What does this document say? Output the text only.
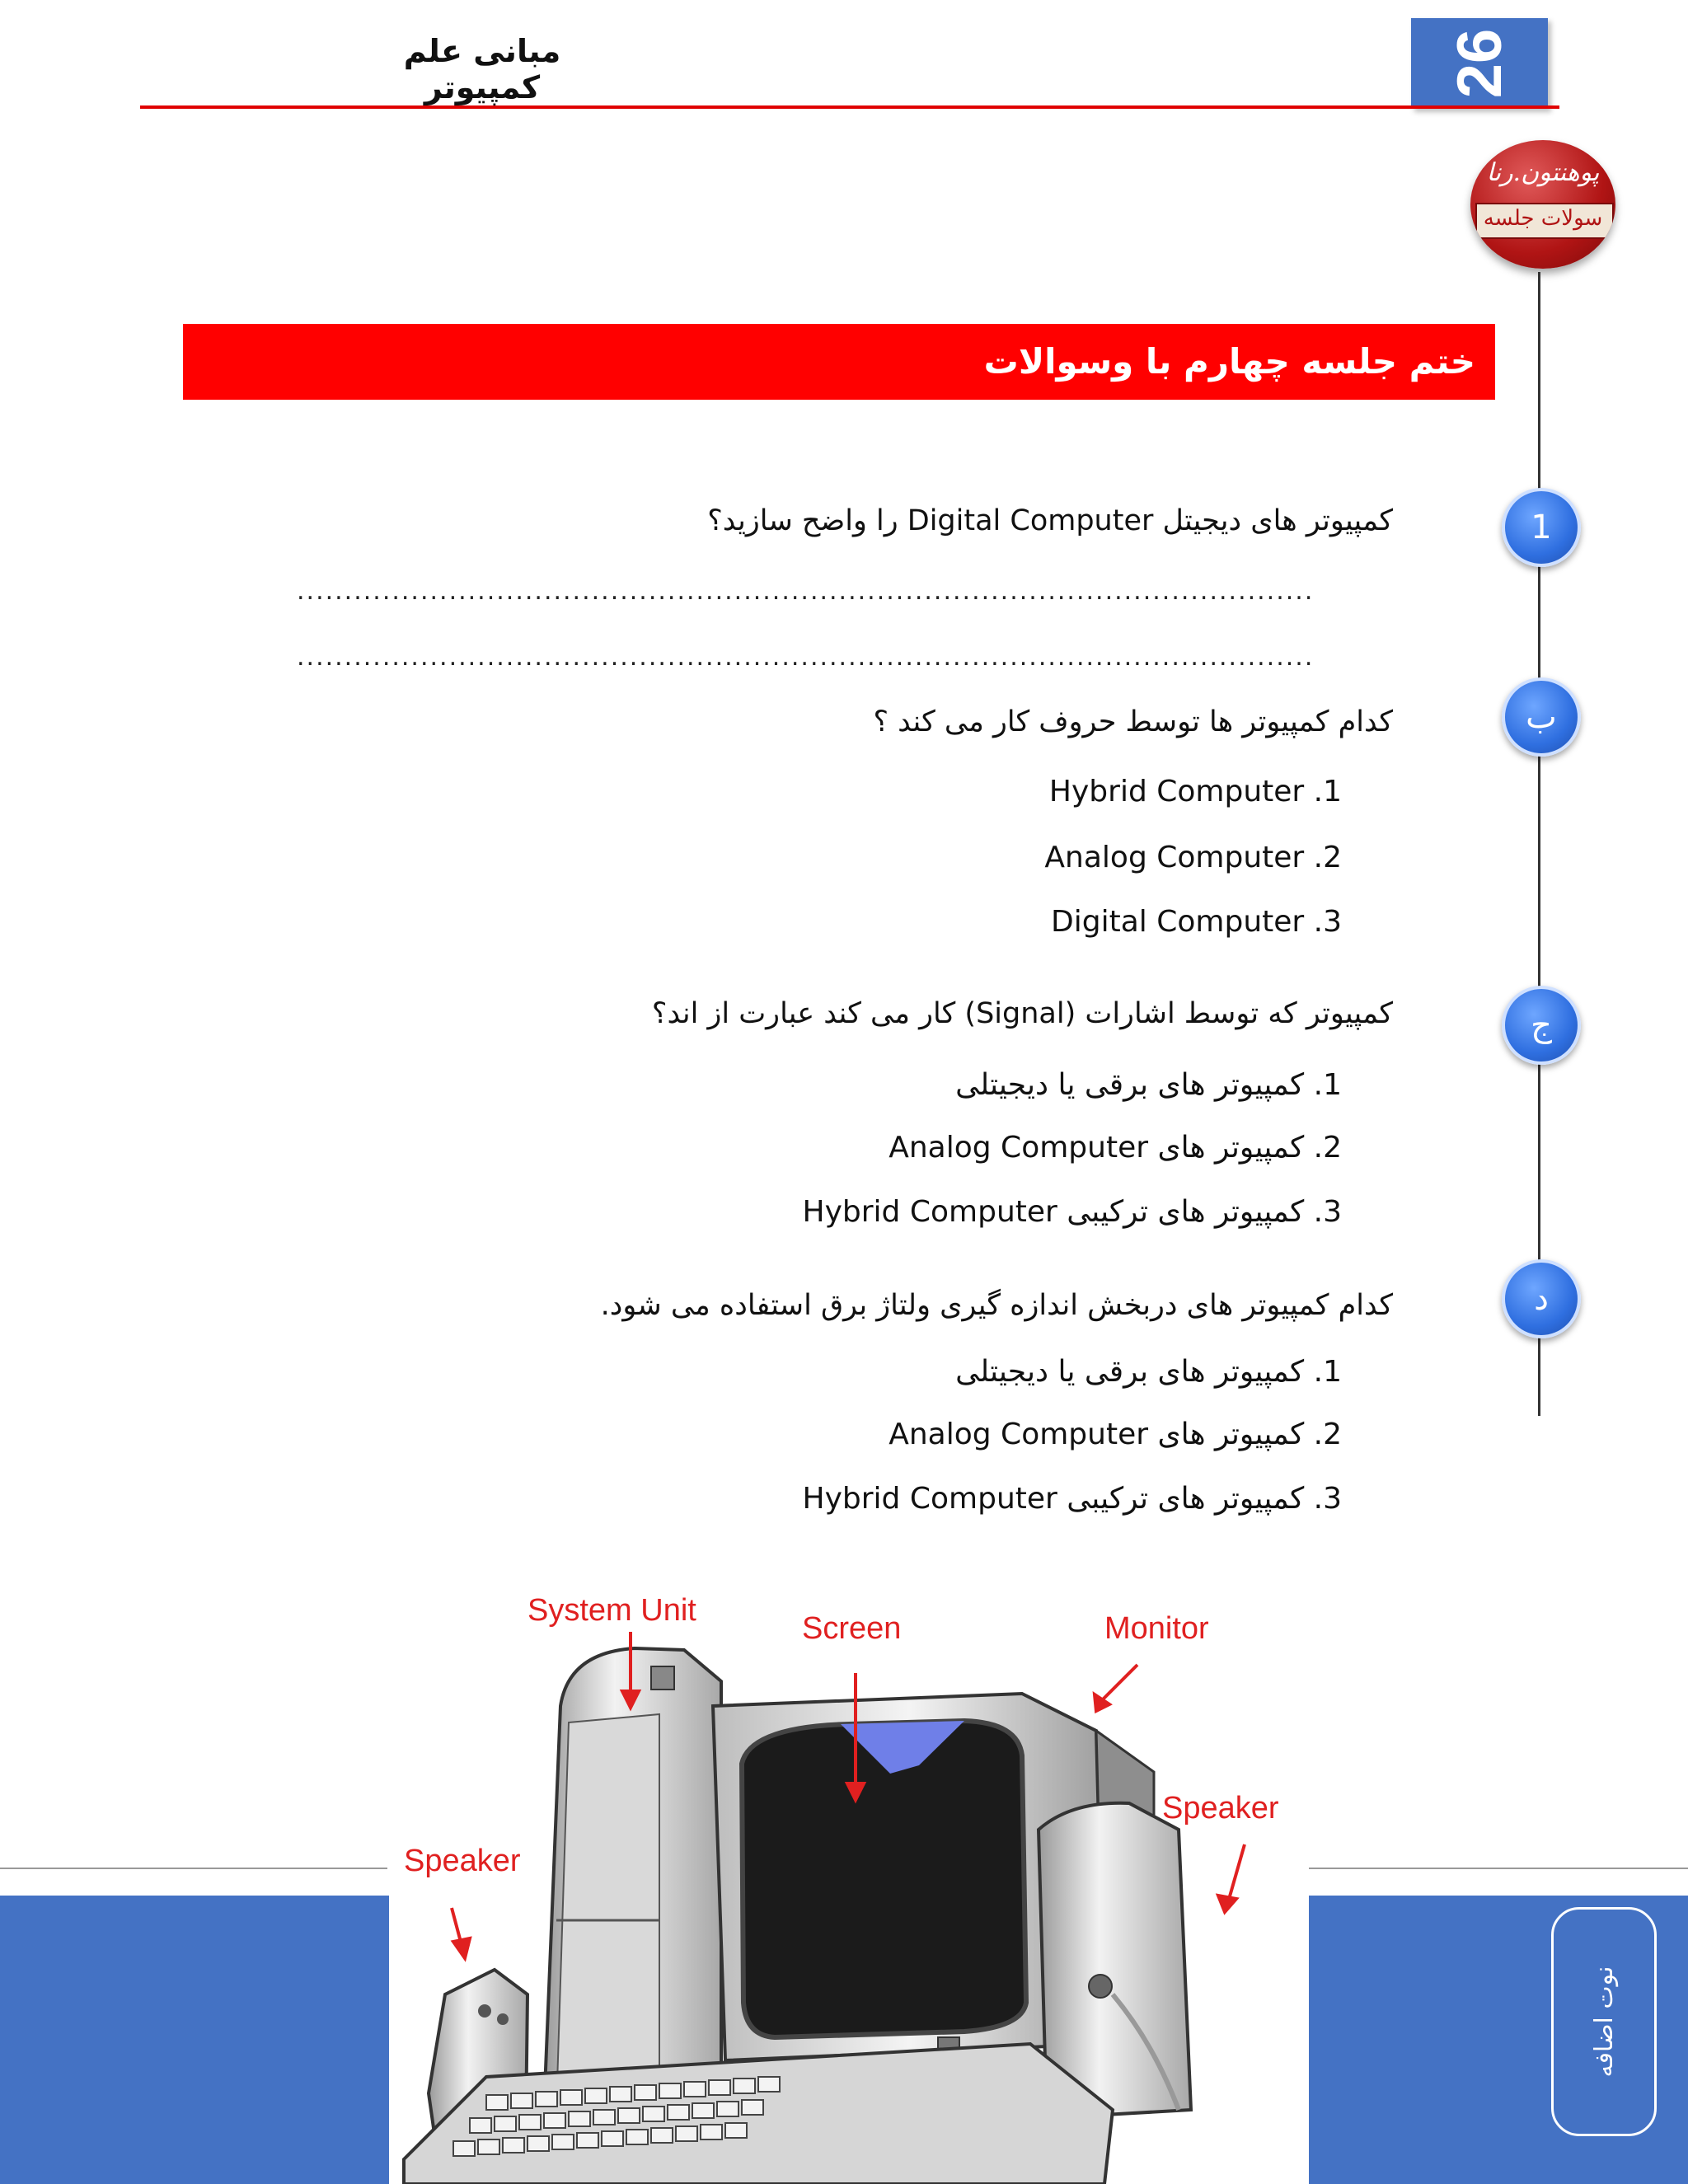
26
مبانی علم کمپیوتر
پوهنتون.رنا
سولات جلسه
ختم جلسه چهارم با وسوالات :
1
کمپیوتر های دیجیتل Digital Computer را واضح سازید؟
...........................................................................................................
...........................................................................................................
ب
کدام کمپیوتر ها توسط حروف کار می کند ؟
Hybrid Computer .1
Analog Computer .2
Digital Computer .3
ج
کمپیوتر که توسط اشارات (Signal) کار می کند عبارت از اند؟
1. کمپیوتر های برقی یا دیجیتلی
2. کمپیوتر های Analog Computer
3. کمپیوتر های ترکیبی Hybrid Computer
د
کدام کمپیوتر های دربخش اندازه گیری ولتاژ برق استفاده می شود.
1. کمپیوتر های برقی یا دیجیتلی
2. کمپیوتر های Analog Computer
3. کمپیوتر های ترکیبی Hybrid Computer
نوت اضافه
System Unit
Screen	Monitor
Speaker
Speaker
